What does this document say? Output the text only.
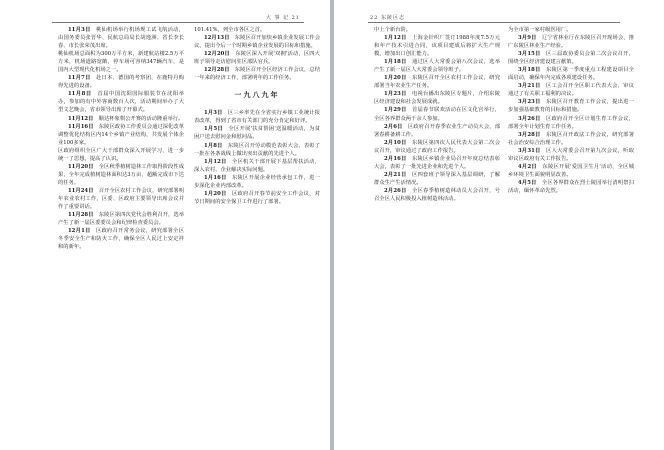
大 事 记 21

11月3日　桃仙机场举行机场规工试飞航活动，由国务委员张晋华、民航总局局长胡逸洲、省长李长春、市长张荣茂出席。

桃仙机场总面积为300万平方米，新建航站楼2.5万平方米，机场道路宽敞，停车场可容纳347辆汽车，是国内大型现代化机场之一。

11月7日　赴日本、德国的考察团，在鹿特丹购得先进的设备。

11月8日　首届中国沈阳国际服装节在沈阳举办，参加的有中外客商数百人次，活动期间举办了大型文艺晚会，省市领导出席了开幕式。

11月12日　顺达杯象棋公开赛的活动隆重举行。

11月16日　东陵区政协工作委员会通过深化改革调整优化结构区内14个乡镇产业结构，共发展个体企业100多家。

区政府组织全区广大干部群众深入开展学习，进一步统一了思想，提高了认识。

11月20日　全区秋季植树造林工作取得阶段性成果，全年完成植树造林面积达3万亩，超额完成市下达的任务。

11月24日　召开全区农村工作会议，研究部署明年农业农村工作，区委、区政府主要领导出席会议并作了重要讲话。

11月28日　东陵区第四次党代会胜利召开，选举产生了新一届区委委员会和纪律检查委员会。

12月1日　区政府召开常务会议，研究部署全区冬季安全生产和防火工作，确保全区人民过上安定祥和的新年。

101.41%，列全市各区之首。

12月13日　东陵区召开加快乡镇企业发展工作会议，提出今后一个时期乡镇企业发展的目标和措施。

12月20日　东陵区深入开展'双拥'活动，区四大班子领导走访慰问驻区部队官兵。

12月28日　东陵区召开全区经济工作会议，总结一年来的经济工作，部署明年的工作任务。

一九八九年

1月3日　区三乡率先在全省实行乡镇工业统计报表改革，得到了省市有关部门的充分肯定和好评。

1月5日　全区开展'扶贫帮困'送温暖活动，为贫困户送去慰问金和慰问品。

1月8日　东陵区召开劳动模范表彰大会，表彰了一批在各条战线上做出突出贡献的先进个人。

1月12日　全区机关干部开展下基层帮扶活动，深入农村、企业解决实际问题。

1月16日　东陵区开展企业经营承包工作，进一步深化企业内部改革。

1月20日　区政府召开春节前安全工作会议，对节日期间的安全保卫工作进行了部署。

22 东陵区志

中上个新台阶。

1月12日　上海金针织厂签订1988年度7.5万元和年产技术引进合同，该项目建成后将扩大生产规模，增加出口创汇能力。

1月18日　通过区人大常委会第八次会议，选举产生了新一届区人大常委会领导班子。

1月20日　东陵区召开全区农村工作会议，研究部署当年农业生产任务。

1月23日　电视台播出东陵区专题片，介绍东陵区经济建设和社会发展成就。

1月29日　首届春节联欢活动在区文化宫举行，全区各界群众两千余人参加。

2月6日　区政府召开春季农业生产动员大会，部署春耕备耕工作。

2月10日　东陵区第四次人民代表大会第二次会议召开，审议通过了政府工作报告。

2月16日　东陵区乡镇企业局召开年度总结表彰大会，表彰了一批先进企业和先进个人。

2月21日　区四套班子领导深入基层调研，了解群众生产生活情况。

2月26日　全区春季植树造林动员大会召开，号召全区人民积极投入植树造林活动。

为全市第一家村级医用厂。

3月9日　辽宁省林业厅在东陵区召开现场会，推广东陵区林业生产经验。

3月15日　区三届政协委员会第二次会议召开，围绕全区经济建设建言献策。

3月18日　东陵区第一季度重点工程建设项目全面启动，确保年内完成各项建设任务。

3月21日　区工会召开全区职工代表大会，审议通过了有关职工福利的决议。

3月23日　东陵区召开教育工作会议，提出进一步加强基础教育的目标和措施。

3月26日　区政府召开全区计划生育工作会议，部署全年计划生育工作任务。

3月28日　东陵区召开政法工作会议，研究部署社会治安综合治理工作。

3月31日　区人大常委会召开第九次会议，听取审议区政府有关工作报告。

4月2日　东陵区开展'爱国卫生月'活动，全区城乡环境卫生面貌明显改善。

4月5日　全区各界群众在烈士陵园举行清明祭扫活动，缅怀革命先烈。
